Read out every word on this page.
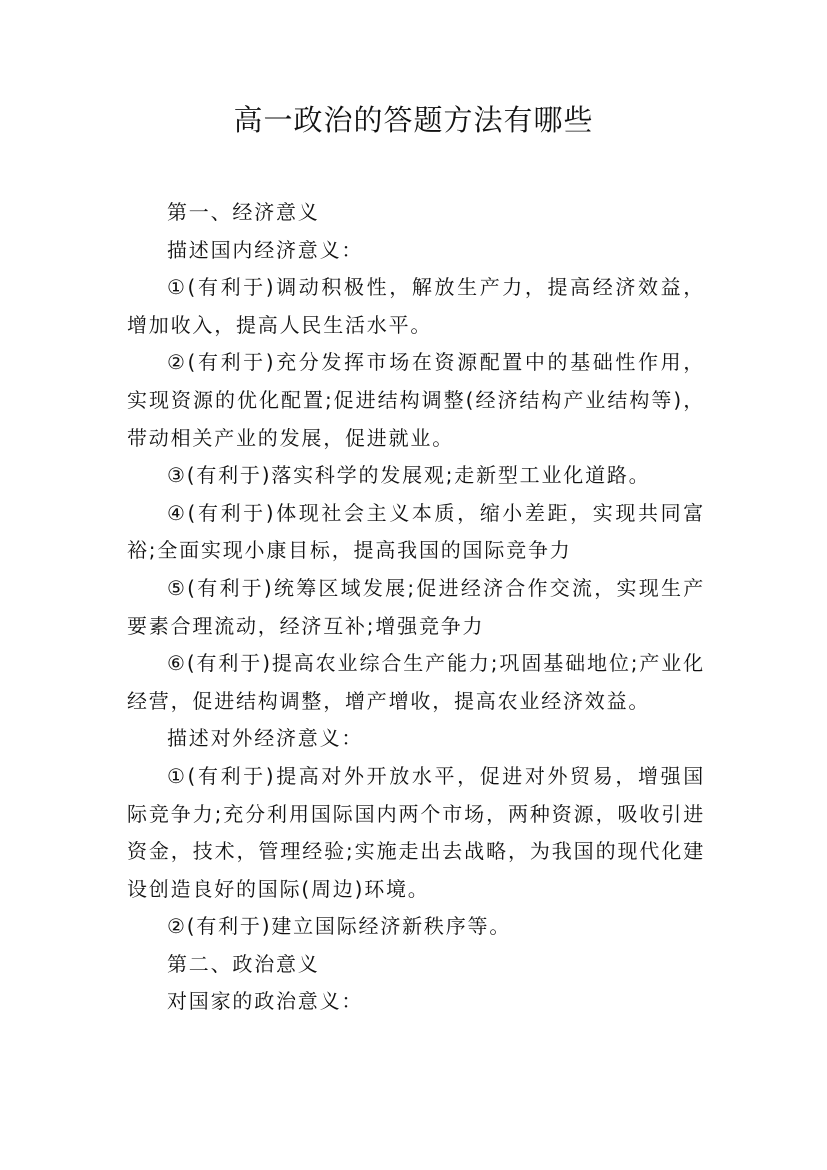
高一政治的答题方法有哪些

第一、经济意义

描述国内经济意义：

①(有利于)调动积极性，解放生产力，提高经济效益，增加收入，提高人民生活水平。

②(有利于)充分发挥市场在资源配置中的基础性作用，实现资源的优化配置;促进结构调整(经济结构产业结构等)，带动相关产业的发展，促进就业。

③(有利于)落实科学的发展观;走新型工业化道路。

④(有利于)体现社会主义本质，缩小差距，实现共同富裕;全面实现小康目标，提高我国的国际竞争力

⑤(有利于)统筹区域发展;促进经济合作交流，实现生产要素合理流动，经济互补;增强竞争力

⑥(有利于)提高农业综合生产能力;巩固基础地位;产业化经营，促进结构调整，增产增收，提高农业经济效益。

描述对外经济意义：

①(有利于)提高对外开放水平，促进对外贸易，增强国际竞争力;充分利用国际国内两个市场，两种资源，吸收引进资金，技术，管理经验;实施走出去战略，为我国的现代化建设创造良好的国际(周边)环境。

②(有利于)建立国际经济新秩序等。

第二、政治意义

对国家的政治意义：
